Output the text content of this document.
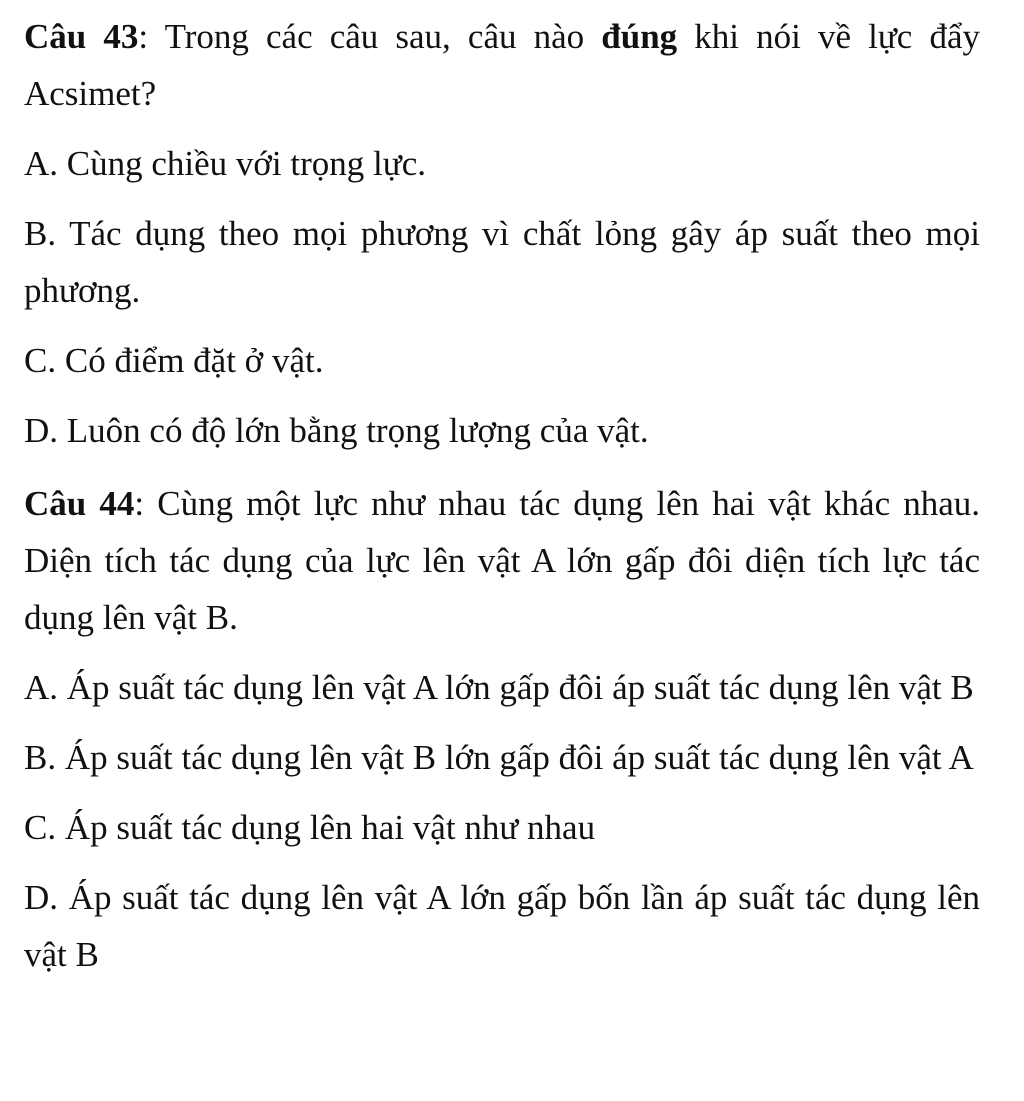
Câu 43: Trong các câu sau, câu nào đúng khi nói về lực đẩy Acsimet?

A. Cùng chiều với trọng lực.

B. Tác dụng theo mọi phương vì chất lỏng gây áp suất theo mọi phương.

C. Có điểm đặt ở vật.

D. Luôn có độ lớn bằng trọng lượng của vật.

Câu 44: Cùng một lực như nhau tác dụng lên hai vật khác nhau. Diện tích tác dụng của lực lên vật A lớn gấp đôi diện tích lực tác dụng lên vật B.

A. Áp suất tác dụng lên vật A lớn gấp đôi áp suất tác dụng lên vật B

B. Áp suất tác dụng lên vật B lớn gấp đôi áp suất tác dụng lên vật A

C. Áp suất tác dụng lên hai vật như nhau

D. Áp suất tác dụng lên vật A lớn gấp bốn lần áp suất tác dụng lên vật B
